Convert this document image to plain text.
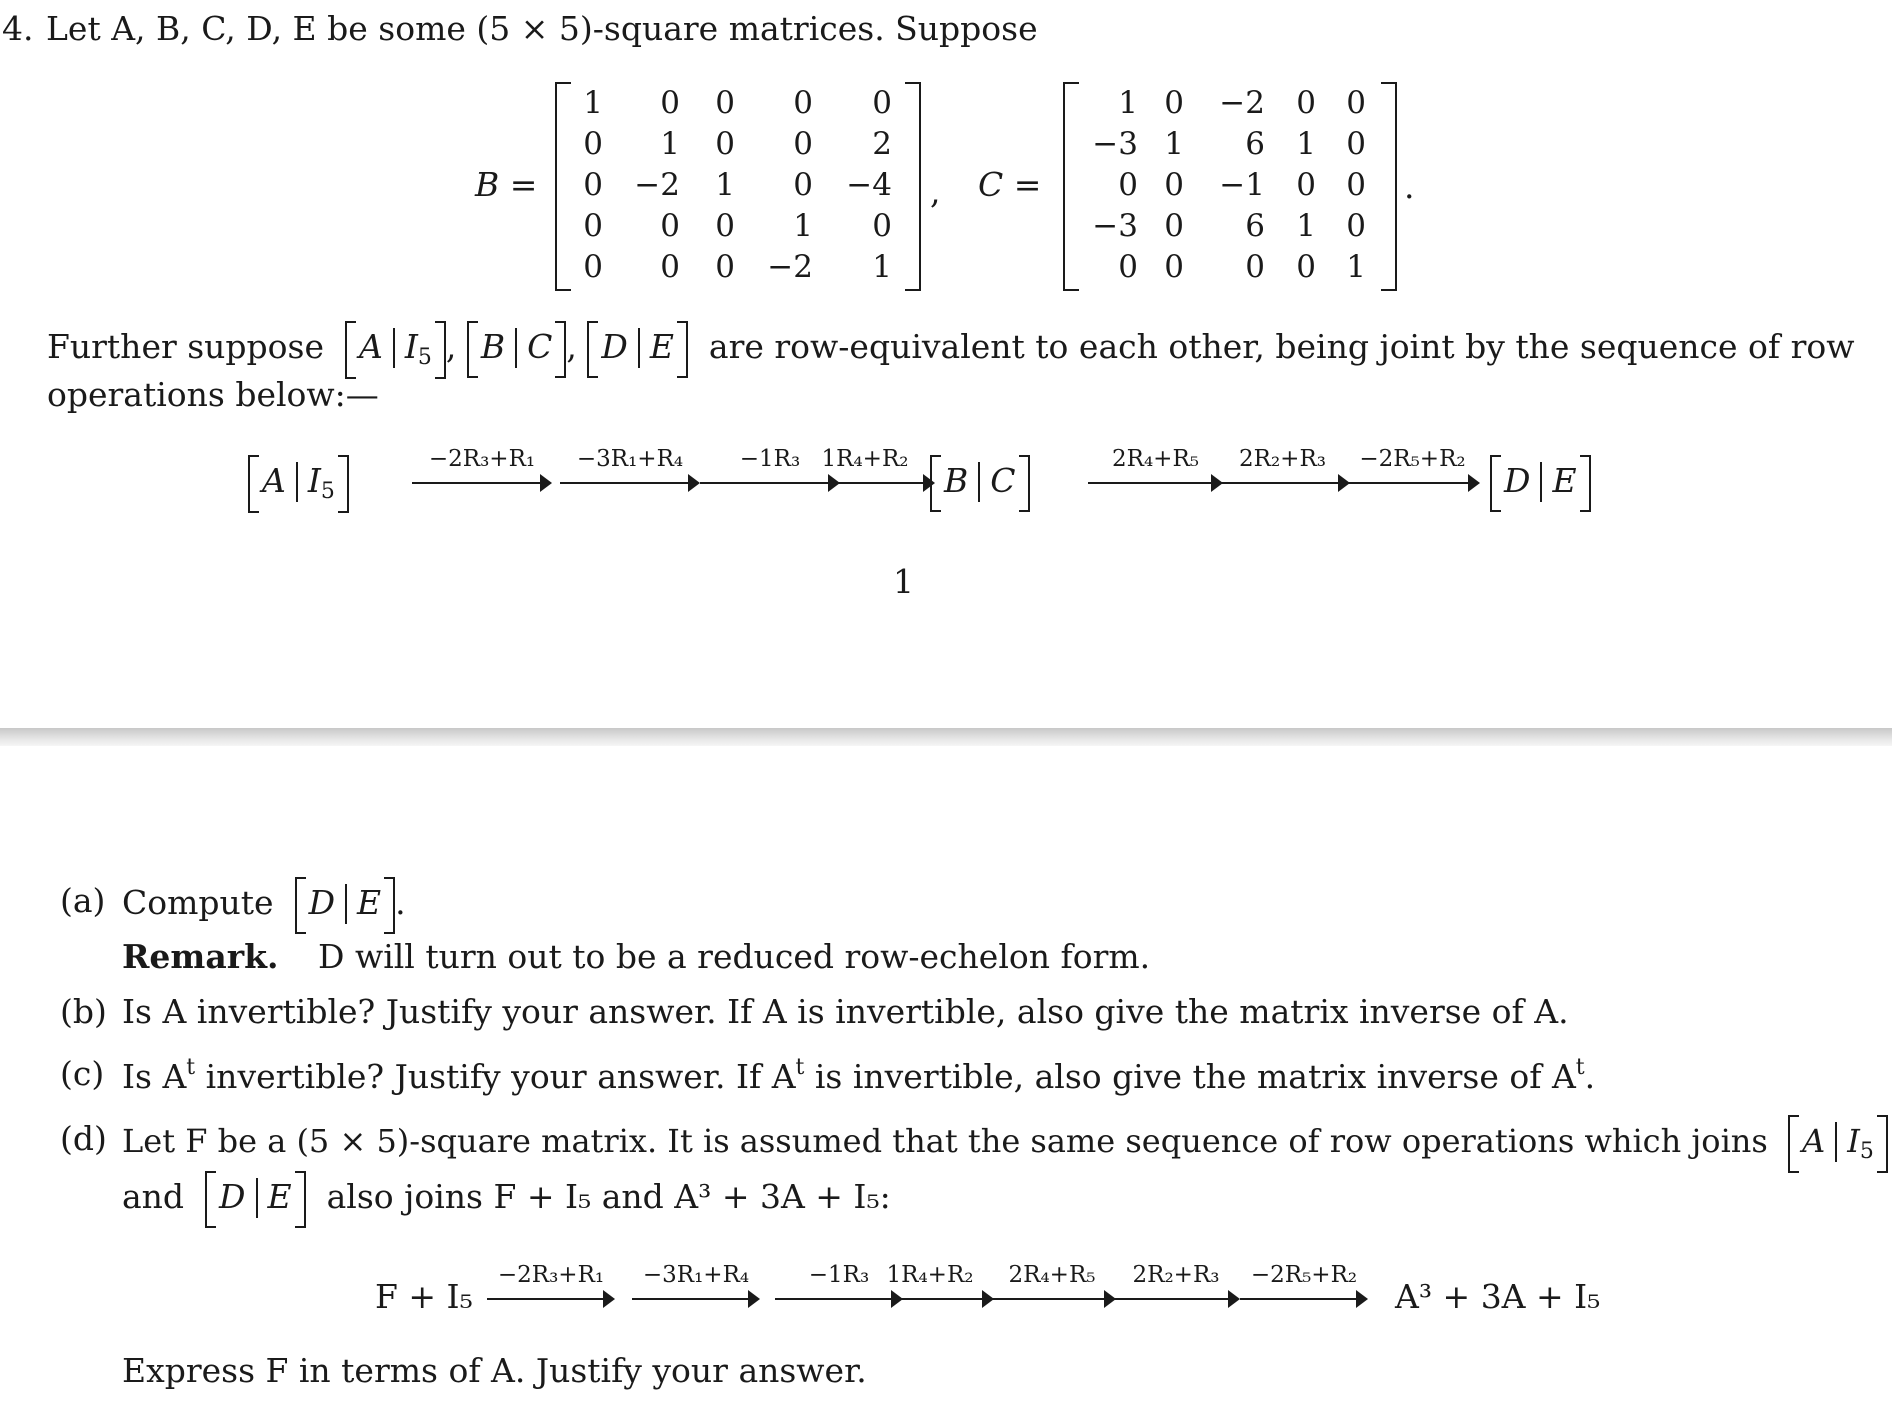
4. Let A, B, C, D, E be some (5 × 5)-square matrices. Suppose
B =
1	0	0	0	0
0	1	0	0	2
0	−2	1	0	−4
0	0	0	1	0
0	0	0	−2	1
, C =
1 0	−2	0 0
−3 1	6	1 0
0 0	−1	0 0
−3 0	6	1 0
0 0	0	0 1
.
Further suppose A $I_5$ , B C , D E are row-equivalent to each other, being joint by the sequence of row
operations below:—
A $I_5$
−2R₃+R₁	−3R₁+R₄	−1R₃ 1R₄+R₂
B C
2R₄+R₅	2R₂+R₃	−2R₅+R₂
D E
1
(a) Compute D E .
Remark. D will turn out to be a reduced row-echelon form.
(b) Is A invertible? Justify your answer. If A is invertible, also give the matrix inverse of A.
(c) Is $A^t$ invertible? Justify your answer. If $A^t$ is invertible, also give the matrix inverse of $A^t$.
(d) Let F be a (5 × 5)-square matrix. It is assumed that the same sequence of row operations which joins A $I_5$
and D E also joins F + I₅ and A³ + 3A + I₅:
F + I₅
−2R₃+R₁	−3R₁+R₄	−1R₃ 1R₄+R₂	2R₄+R₅	2R₂+R₃	−2R₅+R₂
A³ + 3A + I₅
Express F in terms of A. Justify your answer.
